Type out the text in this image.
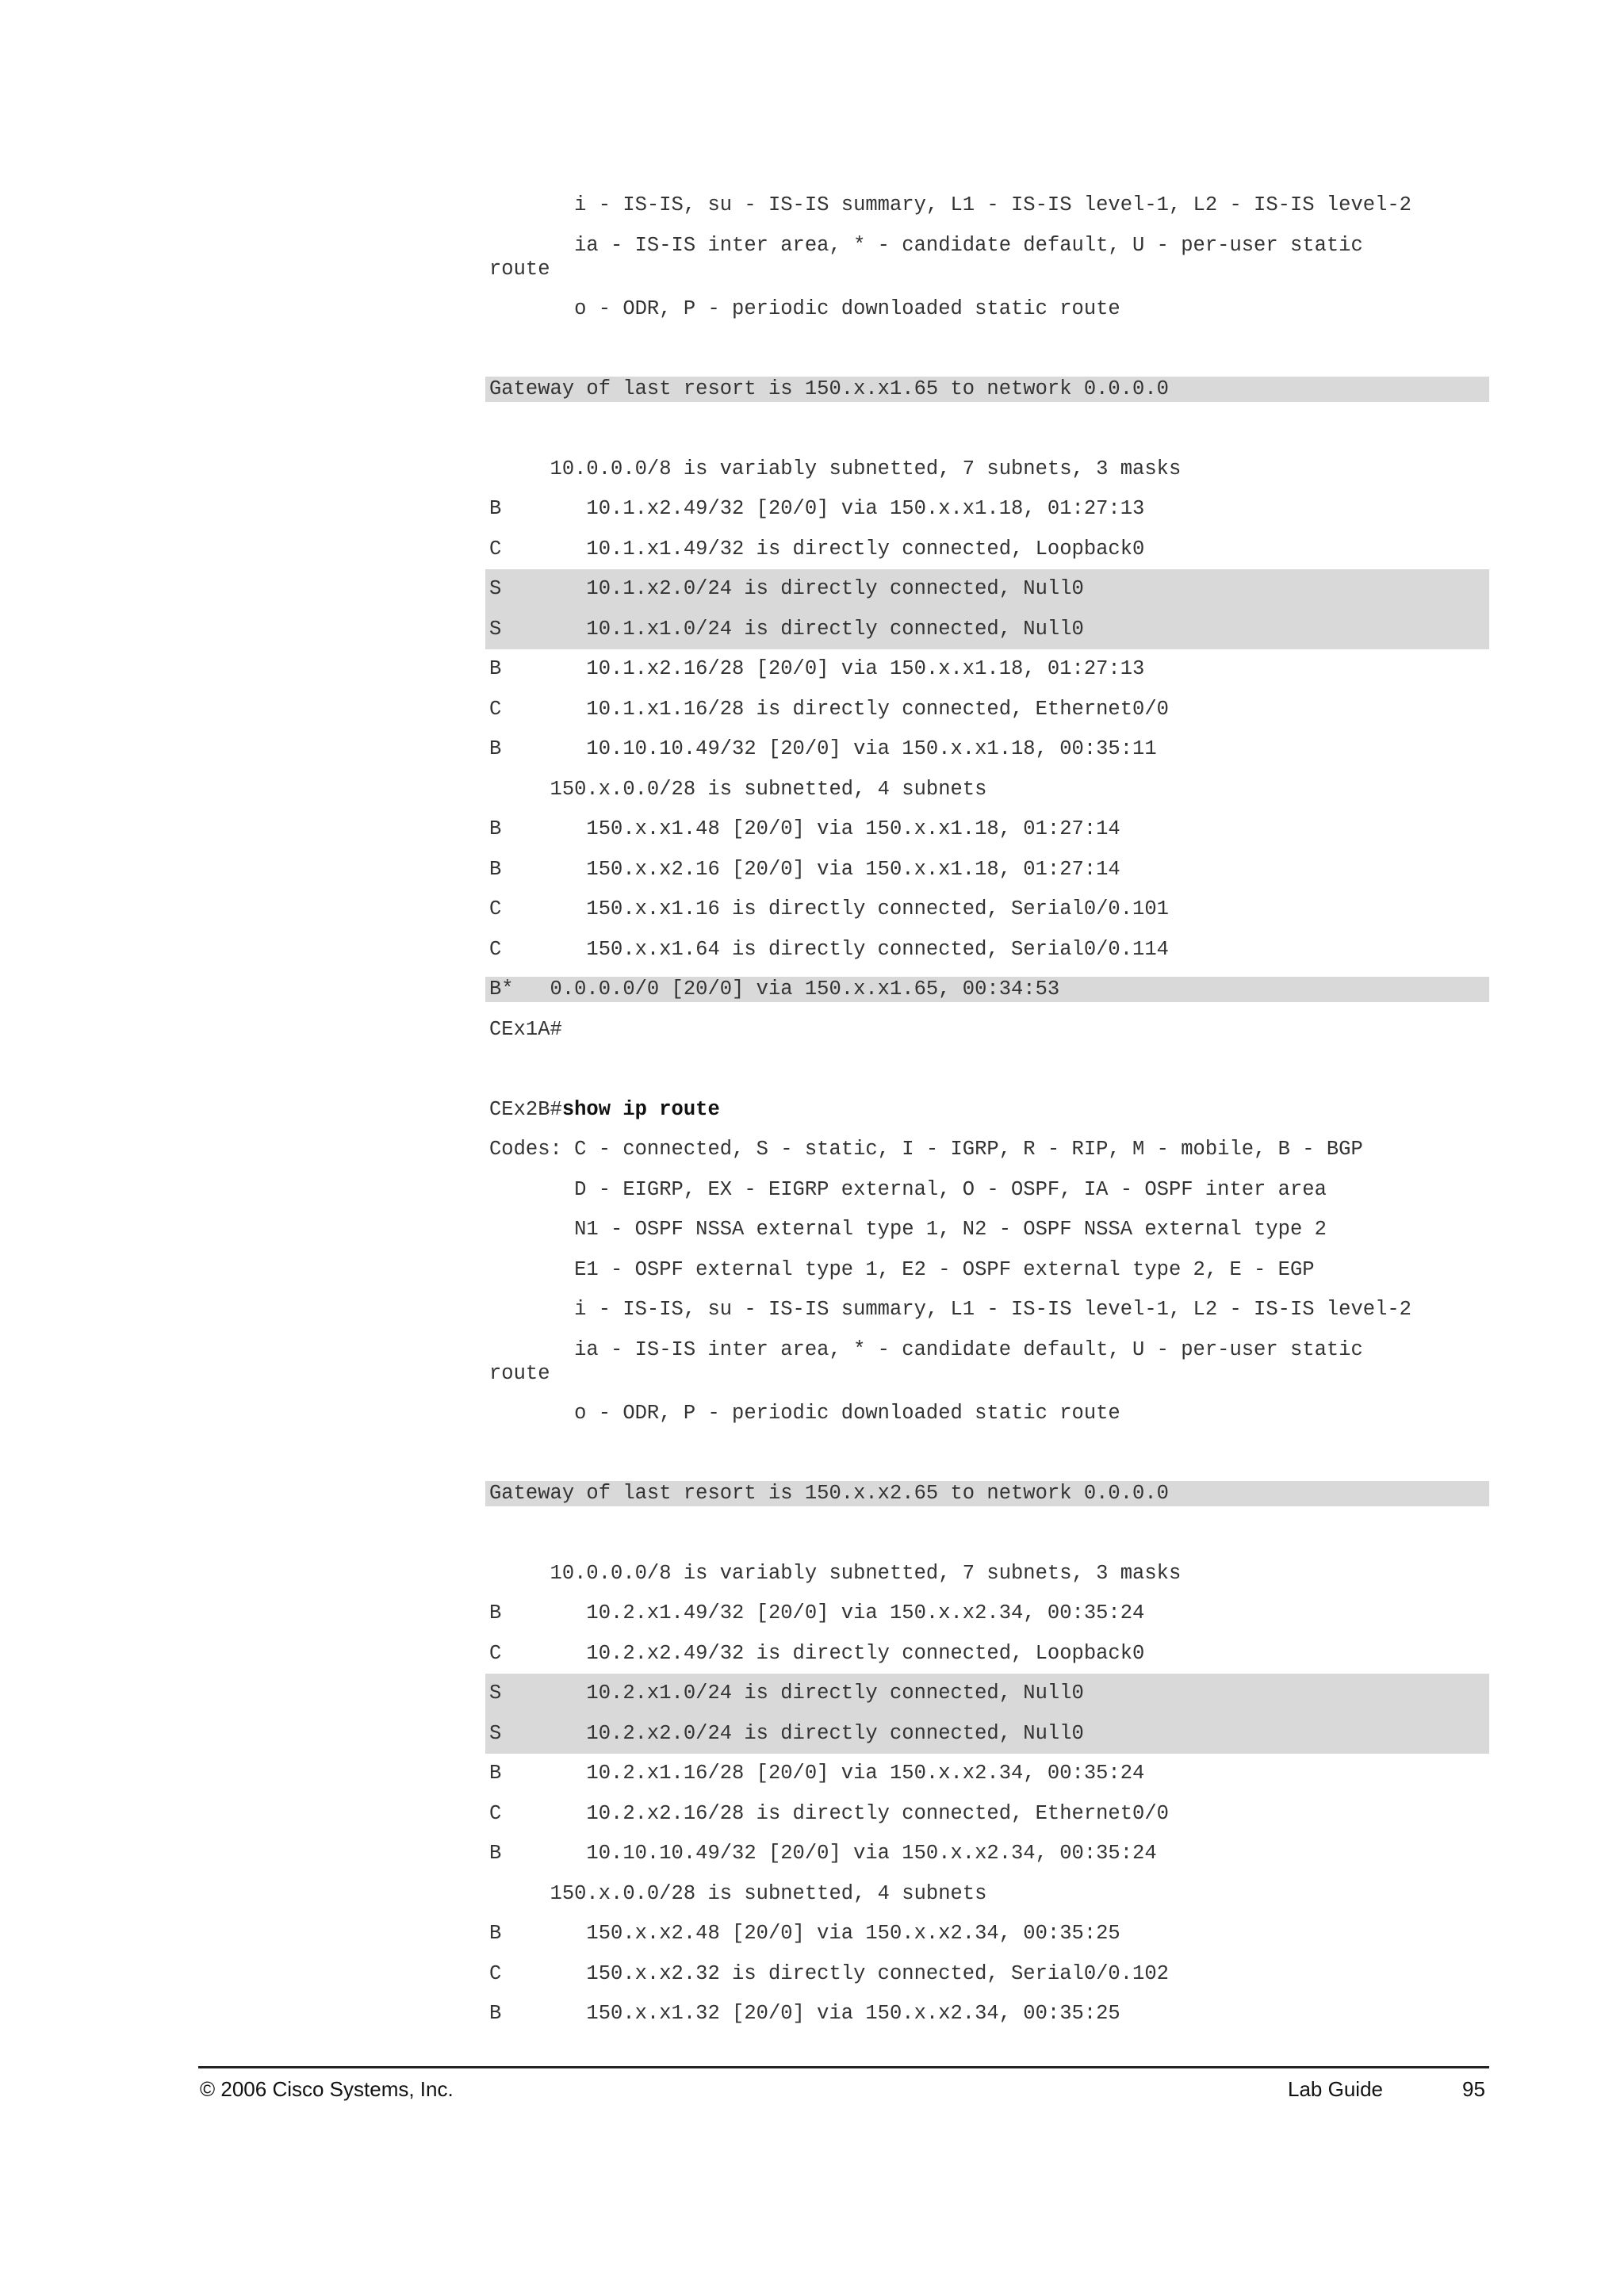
i - IS-IS, su - IS-IS summary, L1 - IS-IS level-1, L2 - IS-IS level-2
ia - IS-IS inter area, * - candidate default, U - per-user static
route
o - ODR, P - periodic downloaded static route
Gateway of last resort is 150.x.x1.65 to network 0.0.0.0
10.0.0.0/8 is variably subnetted, 7 subnets, 3 masks
B       10.1.x2.49/32 [20/0] via 150.x.x1.18, 01:27:13
C       10.1.x1.49/32 is directly connected, Loopback0
S       10.1.x2.0/24 is directly connected, Null0
S       10.1.x1.0/24 is directly connected, Null0
B       10.1.x2.16/28 [20/0] via 150.x.x1.18, 01:27:13
C       10.1.x1.16/28 is directly connected, Ethernet0/0
B       10.10.10.49/32 [20/0] via 150.x.x1.18, 00:35:11
150.x.0.0/28 is subnetted, 4 subnets
B       150.x.x1.48 [20/0] via 150.x.x1.18, 01:27:14
B       150.x.x2.16 [20/0] via 150.x.x1.18, 01:27:14
C       150.x.x1.16 is directly connected, Serial0/0.101
C       150.x.x1.64 is directly connected, Serial0/0.114
B*   0.0.0.0/0 [20/0] via 150.x.x1.65, 00:34:53
CEx1A#
CEx2B#show ip route
Codes: C - connected, S - static, I - IGRP, R - RIP, M - mobile, B - BGP
D - EIGRP, EX - EIGRP external, O - OSPF, IA - OSPF inter area
N1 - OSPF NSSA external type 1, N2 - OSPF NSSA external type 2
E1 - OSPF external type 1, E2 - OSPF external type 2, E - EGP
i - IS-IS, su - IS-IS summary, L1 - IS-IS level-1, L2 - IS-IS level-2
ia - IS-IS inter area, * - candidate default, U - per-user static
route
o - ODR, P - periodic downloaded static route
Gateway of last resort is 150.x.x2.65 to network 0.0.0.0
10.0.0.0/8 is variably subnetted, 7 subnets, 3 masks
B       10.2.x1.49/32 [20/0] via 150.x.x2.34, 00:35:24
C       10.2.x2.49/32 is directly connected, Loopback0
S       10.2.x1.0/24 is directly connected, Null0
S       10.2.x2.0/24 is directly connected, Null0
B       10.2.x1.16/28 [20/0] via 150.x.x2.34, 00:35:24
C       10.2.x2.16/28 is directly connected, Ethernet0/0
B       10.10.10.49/32 [20/0] via 150.x.x2.34, 00:35:24
150.x.0.0/28 is subnetted, 4 subnets
B       150.x.x2.48 [20/0] via 150.x.x2.34, 00:35:25
C       150.x.x2.32 is directly connected, Serial0/0.102
B       150.x.x1.32 [20/0] via 150.x.x2.34, 00:35:25
© 2006 Cisco Systems, Inc.	Lab Guide	95
